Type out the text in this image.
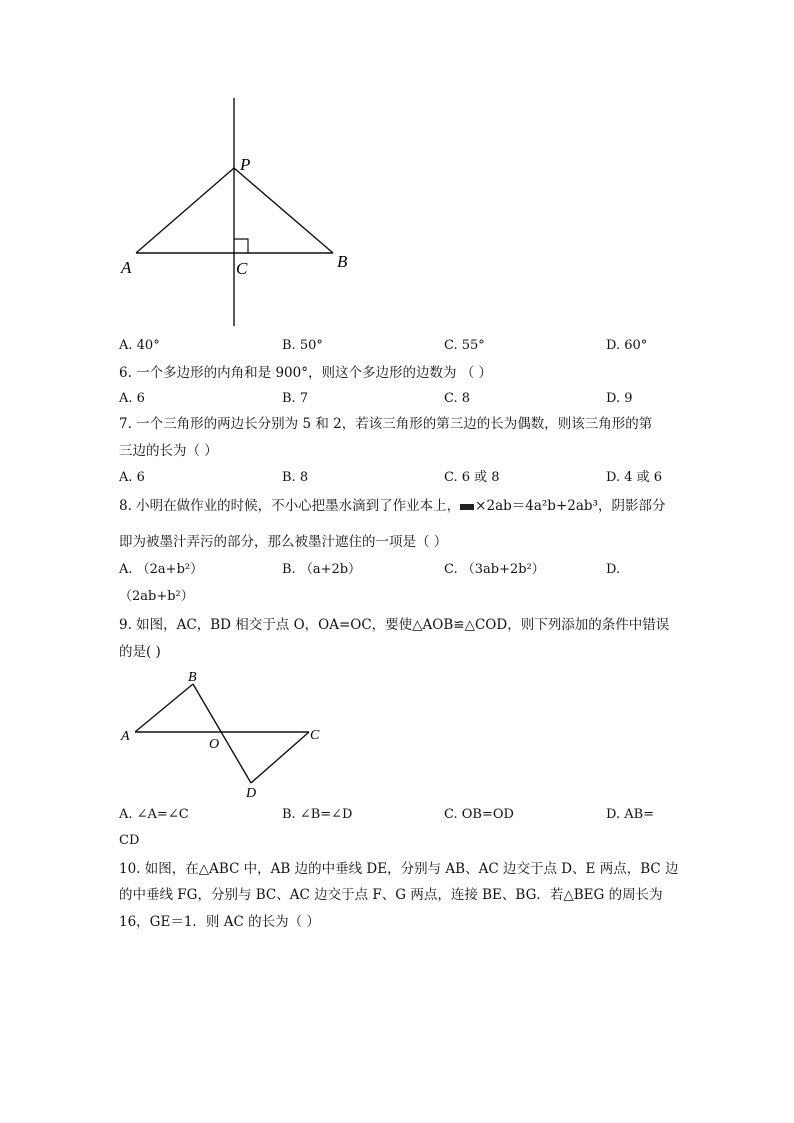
P
A	C	B
A. 40°	B. 50°	C. 55°	D. 60°
6. 一个多边形的内角和是 900°，则这个多边形的边数为 （ ）
A. 6	B. 7	C. 8	D. 9
7. 一个三角形的两边长分别为 5 和 2，若该三角形的第三边的长为偶数，则该三角形的第
三边的长为（ ）
A. 6	B. 8	C. 6 或 8	D. 4 或 6
8. 小明在做作业的时候，不小心把墨水滴到了作业本上， ×2ab＝4a²b+2ab³，阴影部分
即为被墨汁弄污的部分，那么被墨汁遮住的一项是（ ）
A. （2a+b²）	B. （a+2b）	C. （3ab+2b²）	D.
（2ab+b²）
9. 如图，AC，BD 相交于点 O，OA=OC，要使△AOB≌△COD，则下列添加的条件中错误
的是( )
B
A
O
C
D
A. ∠A=∠C	B. ∠B=∠D	C. OB=OD	D. AB=
CD
10. 如图，在△ABC 中，AB 边的中垂线 DE，分别与 AB、AC 边交于点 D、E 两点，BC 边
的中垂线 FG，分别与 BC、AC 边交于点 F、G 两点，连接 BE、BG．若△BEG 的周长为
16，GE＝1．则 AC 的长为（ ）
